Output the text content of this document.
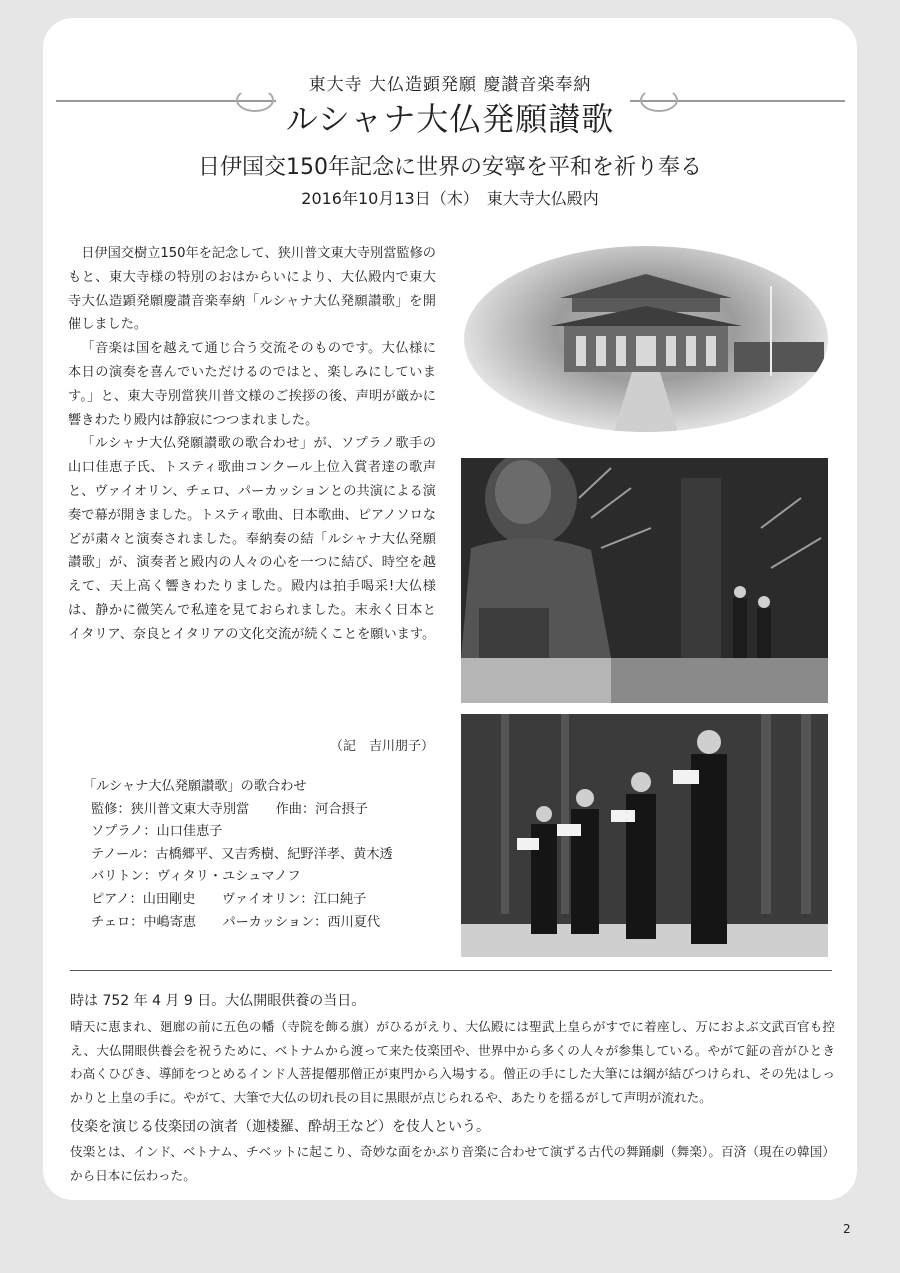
東大寺 大仏造顕発願 慶讃音楽奉納
ルシャナ大仏発願讃歌
日伊国交150年記念に世界の安寧を平和を祈り奉る
2016年10月13日（木）　東大寺大仏殿内

日伊国交樹立150年を記念して、狭川普文東大寺別當監修のもと、東大寺様の特別のおはからいにより、大仏殿内で東大寺大仏造顕発願慶讃音楽奉納「ルシャナ大仏発願讃歌」を開催しました。

「音楽は国を越えて通じ合う交流そのものです。大仏様に本日の演奏を喜んでいただけるのではと、楽しみにしています。」と、東大寺別當狭川普文様のご挨拶の後、声明が厳かに響きわたり殿内は静寂につつまれました。

「ルシャナ大仏発願讃歌の歌合わせ」が、ソプラノ歌手の山口佳恵子氏、トスティ歌曲コンクール上位入賞者達の歌声と、ヴァイオリン、チェロ、パーカッションとの共演による演奏で幕が開きました。トスティ歌曲、日本歌曲、ピアノソロなどが粛々と演奏されました。奉納奏の結「ルシャナ大仏発願讃歌」が、演奏者と殿内の人々の心を一つに結び、時空を越えて、天上高く響きわたりました。殿内は拍手喝采!大仏様は、静かに微笑んで私達を見ておられました。末永く日本とイタリア、奈良とイタリアの文化交流が続くことを願います。

（記　吉川朋子）
「ルシャナ大仏発願讃歌」の歌合わせ
監修：狭川普文東大寺別當　　作曲：河合摂子
ソプラノ：山口佳恵子
テノール：古橋郷平、又吉秀樹、紀野洋孝、黄木透
バリトン：ヴィタリ・ユシュマノフ
ピアノ：山田剛史　　ヴァイオリン：江口純子
チェロ：中嶋寄恵　　パーカッション：西川夏代
時は 752 年 4 月 9 日。大仏開眼供養の当日。
晴天に恵まれ、廻廊の前に五色の幡（寺院を飾る旗）がひるがえり、大仏殿には聖武上皇らがすでに着座し、万におよぶ文武百官も控え、大仏開眼供養会を祝うために、ベトナムから渡って来た伎楽団や、世界中から多くの人々が参集している。やがて鉦の音がひときわ高くひびき、導師をつとめるインド人菩提僊那僧正が東門から入場する。僧正の手にした大筆には綱が結びつけられ、その先はしっかりと上皇の手に。やがて、大筆で大仏の切れ長の目に黒眼が点じられるや、あたりを揺るがして声明が流れた。
伎楽を演じる伎楽団の演者（迦楼羅、酔胡王など）を伎人という。
伎楽とは、インド、ベトナム、チベットに起こり、奇妙な面をかぶり音楽に合わせて演ずる古代の舞踊劇（舞楽）。百済（現在の韓国）から日本に伝わった。
2
